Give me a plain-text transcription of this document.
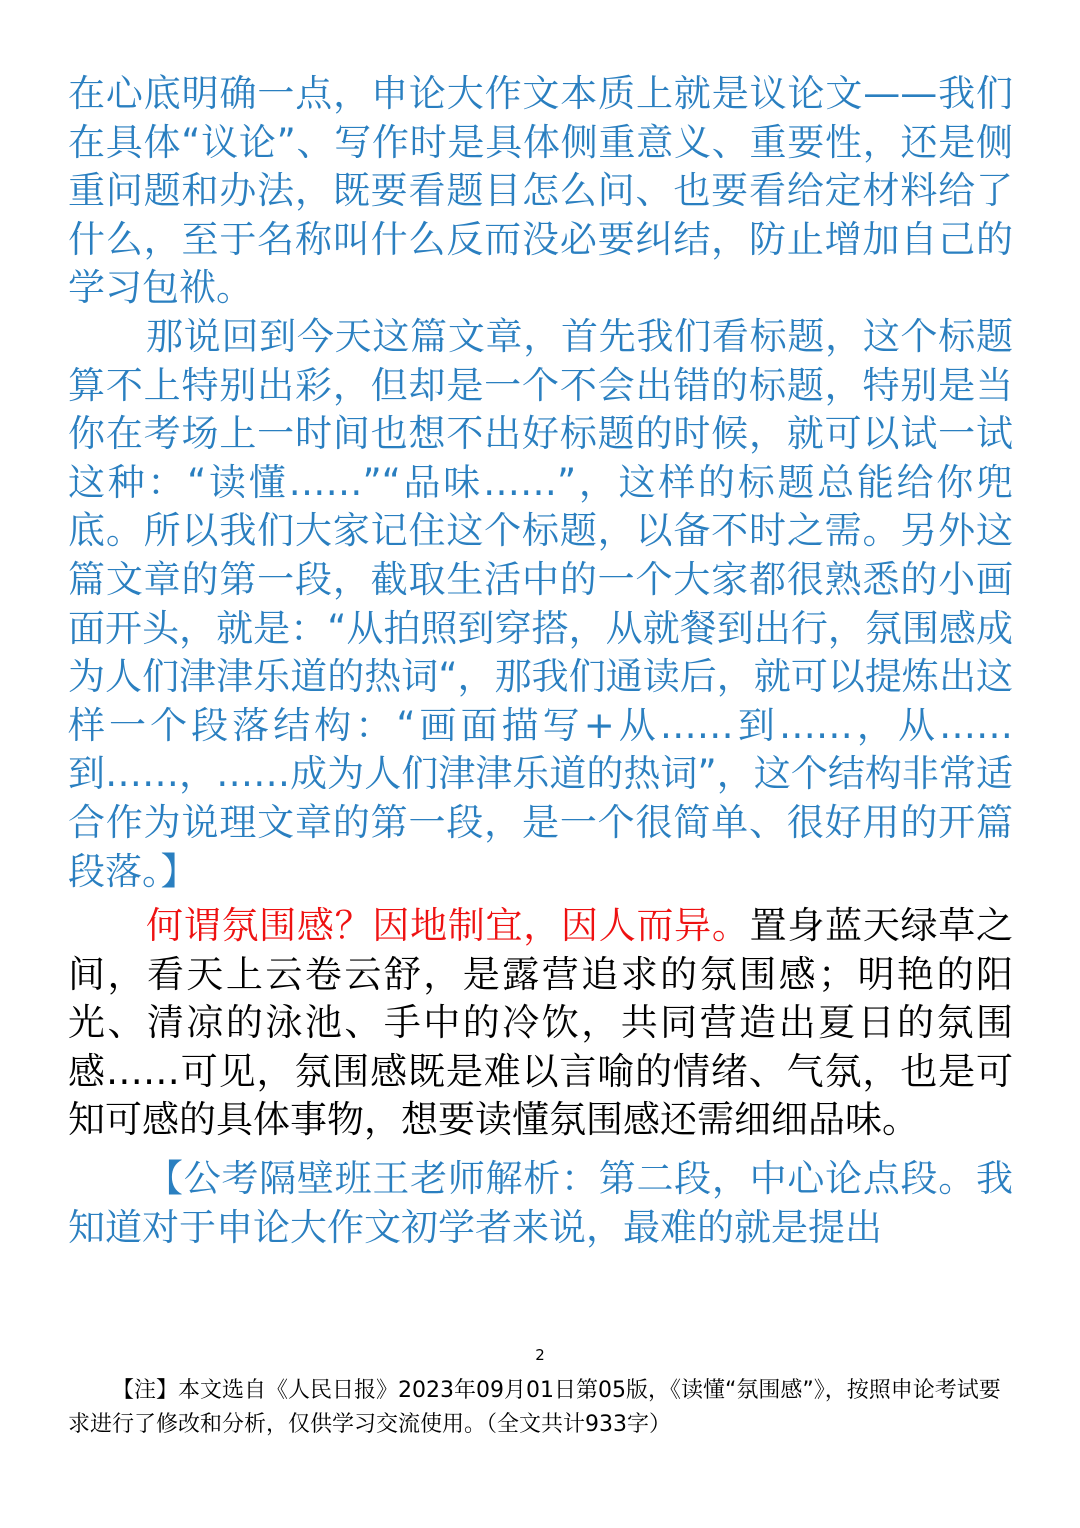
在心底明确一点，申论大作文本质上就是议论文——我们在具体“议论”、写作时是具体侧重意义、重要性，还是侧重问题和办法，既要看题目怎么问、也要看给定材料给了什么，至于名称叫什么反而没必要纠结，防止增加自己的学习包袱。

那说回到今天这篇文章，首先我们看标题，这个标题算不上特别出彩，但却是一个不会出错的标题，特别是当你在考场上一时间也想不出好标题的时候，就可以试一试这种：“读懂……”“品味……”，这样的标题总能给你兜底。所以我们大家记住这个标题，以备不时之需。另外这篇文章的第一段，截取生活中的一个大家都很熟悉的小画面开头，就是：“从拍照到穿搭，从就餐到出行，氛围感成为人们津津乐道的热词“，那我们通读后，就可以提炼出这样一个段落结构：“画面描写+从……到……，从……到……，……成为人们津津乐道的热词”，这个结构非常适合作为说理文章的第一段，是一个很简单、很好用的开篇段落。】

何谓氛围感？因地制宜，因人而异。置身蓝天绿草之间，看天上云卷云舒，是露营追求的氛围感；明艳的阳光、清凉的泳池、手中的冷饮，共同营造出夏日的氛围感……可见，氛围感既是难以言喻的情绪、气氛，也是可知可感的具体事物，想要读懂氛围感还需细细品味。

【公考隔壁班王老师解析：第二段，中心论点段。我知道对于申论大作文初学者来说，最难的就是提出

2

【注】本文选自《人民日报》2023年09月01日第05版，《读懂“氛围感”》，按照申论考试要求进行了修改和分析，仅供学习交流使用。（全文共计933字）
